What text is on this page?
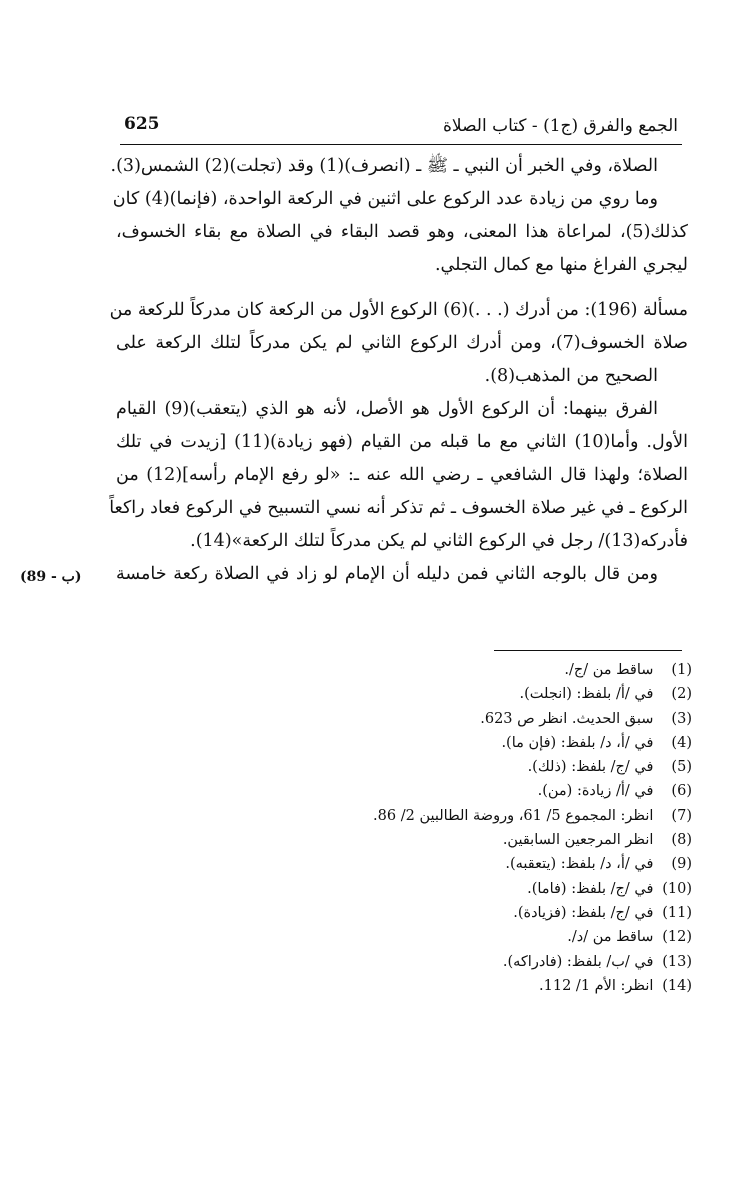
625	الجمع والفرق (ج1) - كتاب الصلاة

الصلاة، وفي الخبر أن النبي ـ ﷺ ـ (انصرف)(1) وقد (تجلت)(2) الشمس(3).

وما روي من زيادة عدد الركوع على اثنين في الركعة الواحدة، (فإنما)(4) كان
كذلك(5)، لمراعاة هذا المعنى، وهو قصد البقاء في الصلاة مع بقاء الخسوف،
ليجري الفراغ منها مع كمال التجلي.

مسألة (196): من أدرك (. . .)(6) الركوع الأول من الركعة كان مدركاً للركعة من
صلاة الخسوف(7)، ومن أدرك الركوع الثاني لم يكن مدركاً لتلك الركعة على
الصحيح من المذهب(8).

الفرق بينهما: أن الركوع الأول هو الأصل، لأنه هو الذي (يتعقب)(9) القيام
الأول. وأما(10) الثاني مع ما قبله من القيام (فهو زيادة)(11) [زيدت في تلك
الصلاة؛ ولهذا قال الشافعي ـ رضي الله عنه ـ: «لو رفع الإمام رأسه](12) من
الركوع ـ في غير صلاة الخسوف ـ ثم تذكر أنه نسي التسبيح في الركوع فعاد راكعاً
فأدركه(13)/ رجل في الركوع الثاني لم يكن مدركاً لتلك الركعة»(14).

ومن قال بالوجه الثاني فمن دليله أن الإمام لو زاد في الصلاة ركعة خامسة

(89 - ب)
(1) ساقط من /ج/.
(2) في /أ/ بلفظ: (انجلت).
(3) سبق الحديث. انظر ص 623.
(4) في /أ، د/ بلفظ: (فإن ما).
(5) في /ج/ بلفظ: (ذلك).
(6) في /أ/ زيادة: (من).
(7) انظر: المجموع 5/ 61، وروضة الطالبين 2/ 86.
(8) انظر المرجعين السابقين.
(9) في /أ، د/ بلفظ: (يتعقبه).
(10) في /ج/ بلفظ: (فاما).
(11) في /ج/ بلفظ: (فزيادة).
(12) ساقط من /د/.
(13) في /ب/ بلفظ: (فادراكه).
(14) انظر: الأم 1/ 112.
